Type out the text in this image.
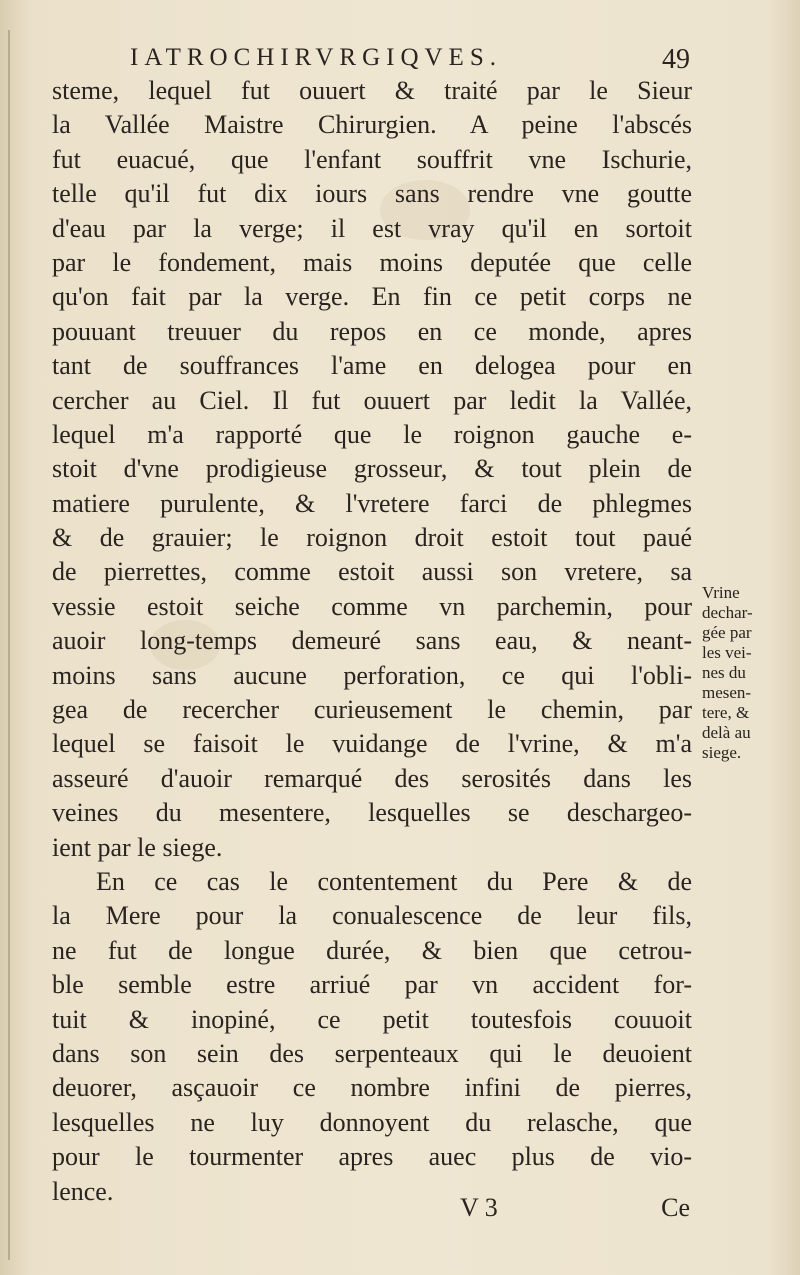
IATROCHIRVRGIQVES.	49
steme, lequel fut ouuert & traité par le Sieur
la Vallée Maistre Chirurgien. A peine l'abscés
fut euacué, que l'enfant souffrit vne Ischurie,
telle qu'il fut dix iours sans rendre vne goutte
d'eau par la verge; il est vray qu'il en sortoit
par le fondement, mais moins deputée que celle
qu'on fait par la verge. En fin ce petit corps ne
pouuant treuuer du repos en ce monde, apres
tant de souffrances l'ame en delogea pour en
cercher au Ciel. Il fut ouuert par ledit la Vallée,
lequel m'a rapporté que le roignon gauche e-
stoit d'vne prodigieuse grosseur, & tout plein de
matiere purulente, & l'vretere farci de phlegmes
& de grauier; le roignon droit estoit tout paué
de pierrettes, comme estoit aussi son vretere, sa
vessie estoit seiche comme vn parchemin, pour
auoir long-temps demeuré sans eau, & neant-
moins sans aucune perforation, ce qui l'obli-
gea de recercher curieusement le chemin, par
lequel se faisoit le vuidange de l'vrine, & m'a
asseuré d'auoir remarqué des serosités dans les
veines du mesentere, lesquelles se deschargeo-
ient par le siege.
En ce cas le contentement du Pere & de
la Mere pour la conualescence de leur fils,
ne fut de longue durée, & bien que cetrou-
ble semble estre arriué par vn accident for-
tuit & inopiné, ce petit toutesfois couuoit
dans son sein des serpenteaux qui le deuoient
deuorer, asçauoir ce nombre infini de pierres,
lesquelles ne luy donnoyent du relasche, que
pour le tourmenter apres auec plus de vio-
lence.
Vrine
dechar-
gée par
les vei-
nes du
mesen-
tere, &
delà au
siege.
V 3	Ce
